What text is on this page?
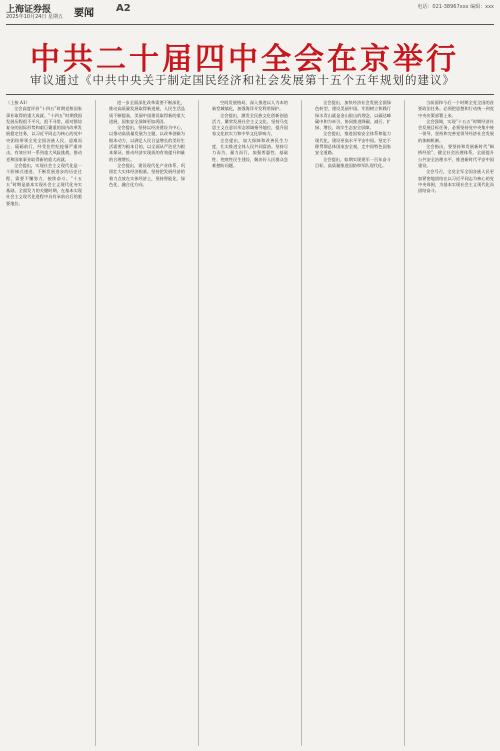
上海证券报
2025年10月24日 星期五 要闻 A2	电话：021-38967xxx 编辑：xxx
中共二十届四中全会在京举行
审议通过《中共中央关于制定国民经济和社会发展第十五个五年规划的建议》

（上接 A1）

全会高度评价“十四五”时期党和国家事业取得的重大成就。“十四五”时期我国发展历程很不平凡、很不寻常，面对错综复杂的国际形势和艰巨繁重的国内改革发展稳定任务，以习近平同志为核心的党中央团结带领全党全国各族人民，迎难而上、砥砺前行，经受住世纪疫情严重冲击，有效应对一系列重大风险挑战，推动党和国家事业取得新的重大成就。

全会提出，实现社会主义现代化是一个阶梯式递进、不断发展进步的历史过程，需要不懈努力、接续奋斗。“十五五”时期是基本实现社会主义现代化夯实基础、全面发力的关键时期，在基本实现社会主义现代化进程中具有承前启后的重要地位。

进一步全面深化改革需要不断深化，推动高质量发展取得新进展，人民生活品质不断提高，美丽中国建设取得新的重大进展，国家安全屏障更加巩固。

全会提出，坚持以经济建设为中心，以推动高质量发展为主题，以改革创新为根本动力，以满足人民日益增长的美好生活需要为根本目的，以全面从严治党为根本保证，推动经济实现质的有效提升和量的合理增长。

全会提出，建设现代化产业体系，巩固壮大实体经济根基。坚持把发展经济的着力点放在实体经济上，坚持智能化、绿色化、融合化方向。

空间发展格局，深入推进以人为本的新型城镇化，加强海洋开发利用保护。

全会提出，激发全民族文化创新创造活力，繁荣发展社会主义文化。坚持马克思主义在意识形态领域指导地位，提升国家文化软实力和中华文化影响力。

全会提出，加大保障和改善民生力度，扎实推进全体人民共同富裕。坚持尽力而为、量力而行，加强普惠性、基础性、兜底性民生建设，解决好人民群众急难愁盼问题。

全会提出，加快经济社会发展全面绿色转型，建设美丽中国。牢固树立和践行绿水青山就是金山银山的理念，以碳达峰碳中和为牵引，协同推进降碳、减污、扩绿、增长，筑牢生态安全屏障。

全会提出，推进国家安全体系和能力现代化，建设更高水平平安中国。坚定不移贯彻总体国家安全观，走中国特色国家安全道路。

全会提出，如期实现建军一百年奋斗目标，高质量推进国防和军队现代化。

当前面和今后一个时期全党全国的首要政治任务。必须把思想和行动统一到党中央决策部署上来。

全会强调，实现“十五五”时期经济社会发展目标任务，必须坚持党中央集中统一领导，坚持和完善党领导经济社会发展的体制机制。

全会指出，要坚持和发展新时代“枫桥经验”，健全社会治理体系，全面提升公共安全治理水平，推进新时代平安中国建设。

全会号召，全党全军全国各族人民更加紧密地团结在以习近平同志为核心的党中央周围，为基本实现社会主义现代化而团结奋斗。
